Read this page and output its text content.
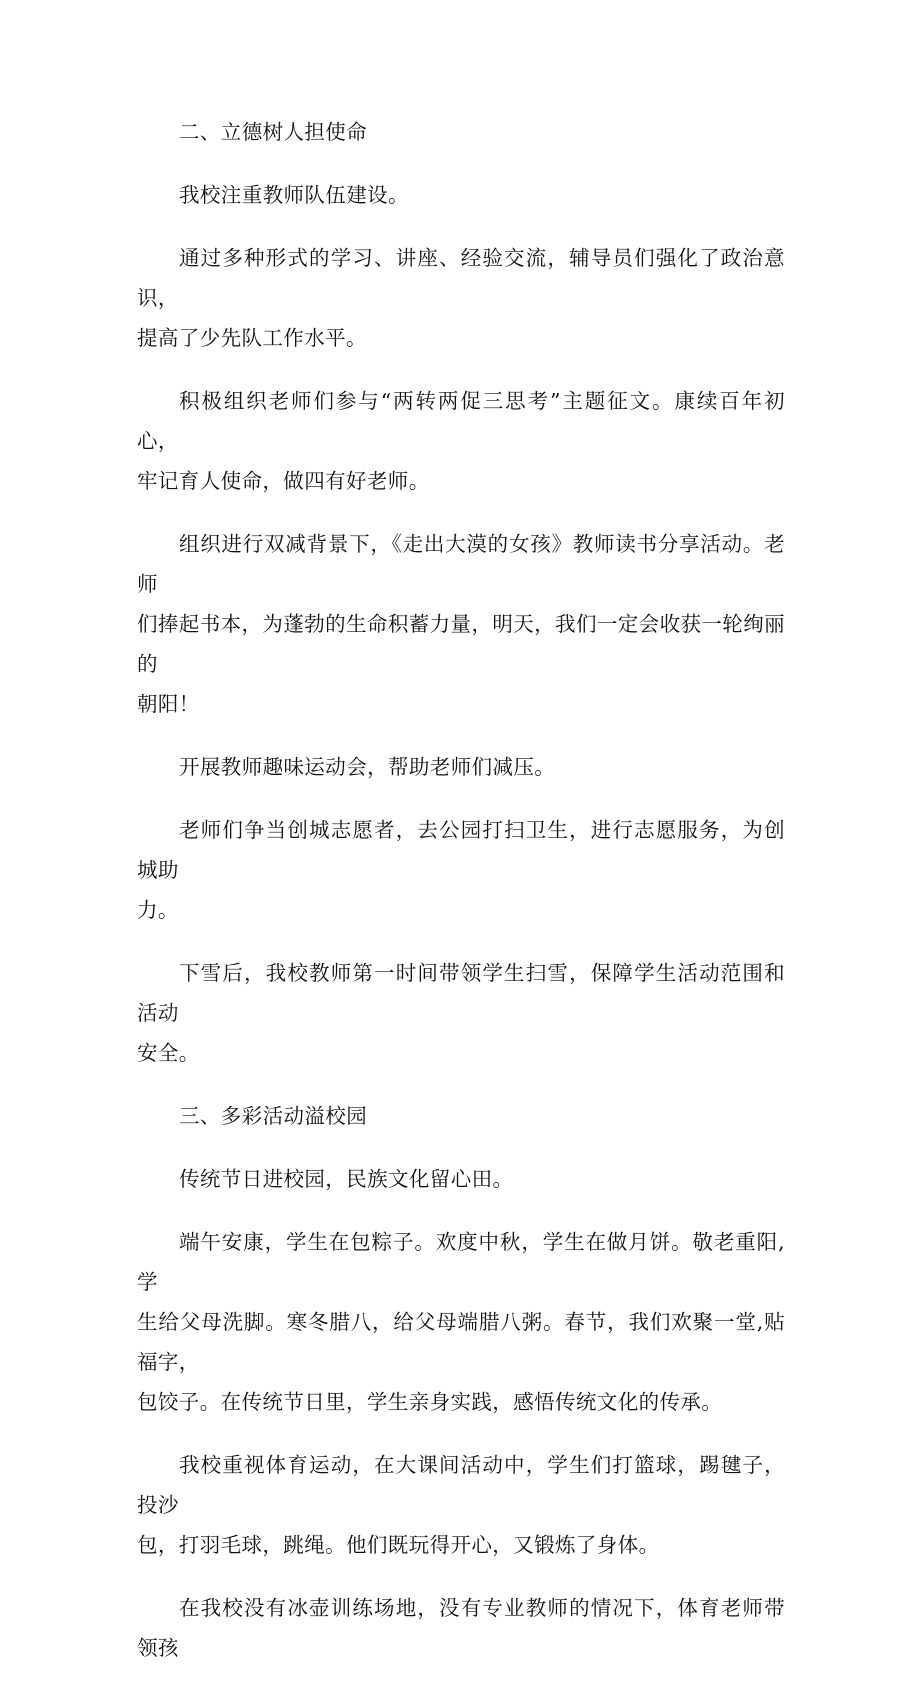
二、立德树人担使命

我校注重教师队伍建设。

通过多种形式的学习、讲座、经验交流，辅导员们强化了政治意识，
提高了少先队工作水平。

积极组织老师们参与“两转两促三思考”主题征文。康续百年初心，
牢记育人使命，做四有好老师。

组织进行双减背景下，《走出大漠的女孩》教师读书分享活动。老师
们捧起书本，为蓬勃的生命积蓄力量，明天，我们一定会收获一轮绚丽的
朝阳！

开展教师趣味运动会，帮助老师们减压。

老师们争当创城志愿者，去公园打扫卫生，进行志愿服务，为创城助
力。

下雪后，我校教师第一时间带领学生扫雪，保障学生活动范围和活动
安全。

三、多彩活动溢校园

传统节日进校园，民族文化留心田。

端午安康，学生在包粽子。欢度中秋，学生在做月饼。敬老重阳,学
生给父母洗脚。寒冬腊八，给父母端腊八粥。春节，我们欢聚一堂,贴福字，
包饺子。在传统节日里，学生亲身实践，感悟传统文化的传承。

我校重视体育运动，在大课间活动中，学生们打篮球，踢毽子，投沙
包，打羽毛球，跳绳。他们既玩得开心，又锻炼了身体。

在我校没有冰壶训练场地，没有专业教师的情况下，体育老师带领孩
